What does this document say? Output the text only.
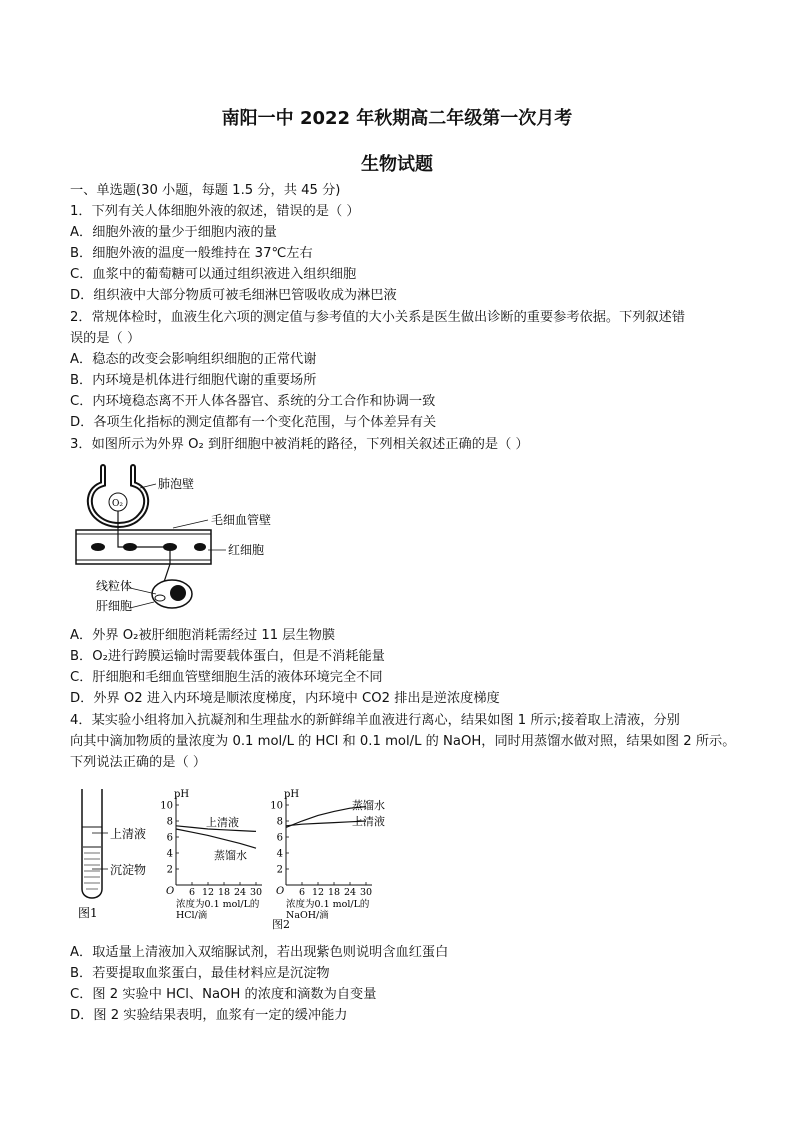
南阳一中 2022 年秋期高二年级第一次月考
生物试题
一、单选题(30 小题，每题 1.5 分，共 45 分)
1．下列有关人体细胞外液的叙述，错误的是（ ）
A．细胞外液的量少于细胞内液的量
B．细胞外液的温度一般维持在 37℃左右
C．血浆中的葡萄糖可以通过组织液进入组织细胞
D．组织液中大部分物质可被毛细淋巴管吸收成为淋巴液
2．常规体检时，血液生化六项的测定值与参考值的大小关系是医生做出诊断的重要参考依据。下列叙述错
误的是（ ）
A．稳态的改变会影响组织细胞的正常代谢
B．内环境是机体进行细胞代谢的重要场所
C．内环境稳态离不开人体各器官、系统的分工合作和协调一致
D．各项生化指标的测定值都有一个变化范围，与个体差异有关
3．如图所示为外界 O₂ 到肝细胞中被消耗的路径，下列相关叙述正确的是（ ）
O₂
肺泡壁
毛细血管壁
红细胞
线粒体
肝细胞
A．外界 O₂被肝细胞消耗需经过 11 层生物膜
B．O₂进行跨膜运输时需要载体蛋白，但是不消耗能量
C．肝细胞和毛细血管壁细胞生活的液体环境完全不同
D．外界 O2 进入内环境是顺浓度梯度，内环境中 CO2 排出是逆浓度梯度
4．某实验小组将加入抗凝剂和生理盐水的新鲜绵羊血液进行离心，结果如图 1 所示;接着取上清液，分别
向其中滴加物质的量浓度为 0.1 mol/L 的 HCl 和 0.1 mol/L 的 NaOH，同时用蒸馏水做对照，结果如图 2 所示。
下列说法正确的是（ ）
上清液
沉淀物
图1
pH
O
10
8
6
4
2
6 12 18 24 30
浓度为0.1 mol/L的
HCl/滴
上清液
蒸馏水
pH
O
10
8
6
4
2
6 12 18 24 30
浓度为0.1 mol/L的
NaOH/滴
蒸馏水
上清液
图2
A．取适量上清液加入双缩脲试剂，若出现紫色则说明含血红蛋白
B．若要提取血浆蛋白，最佳材料应是沉淀物
C．图 2 实验中 HCl、NaOH 的浓度和滴数为自变量
D．图 2 实验结果表明，血浆有一定的缓冲能力
